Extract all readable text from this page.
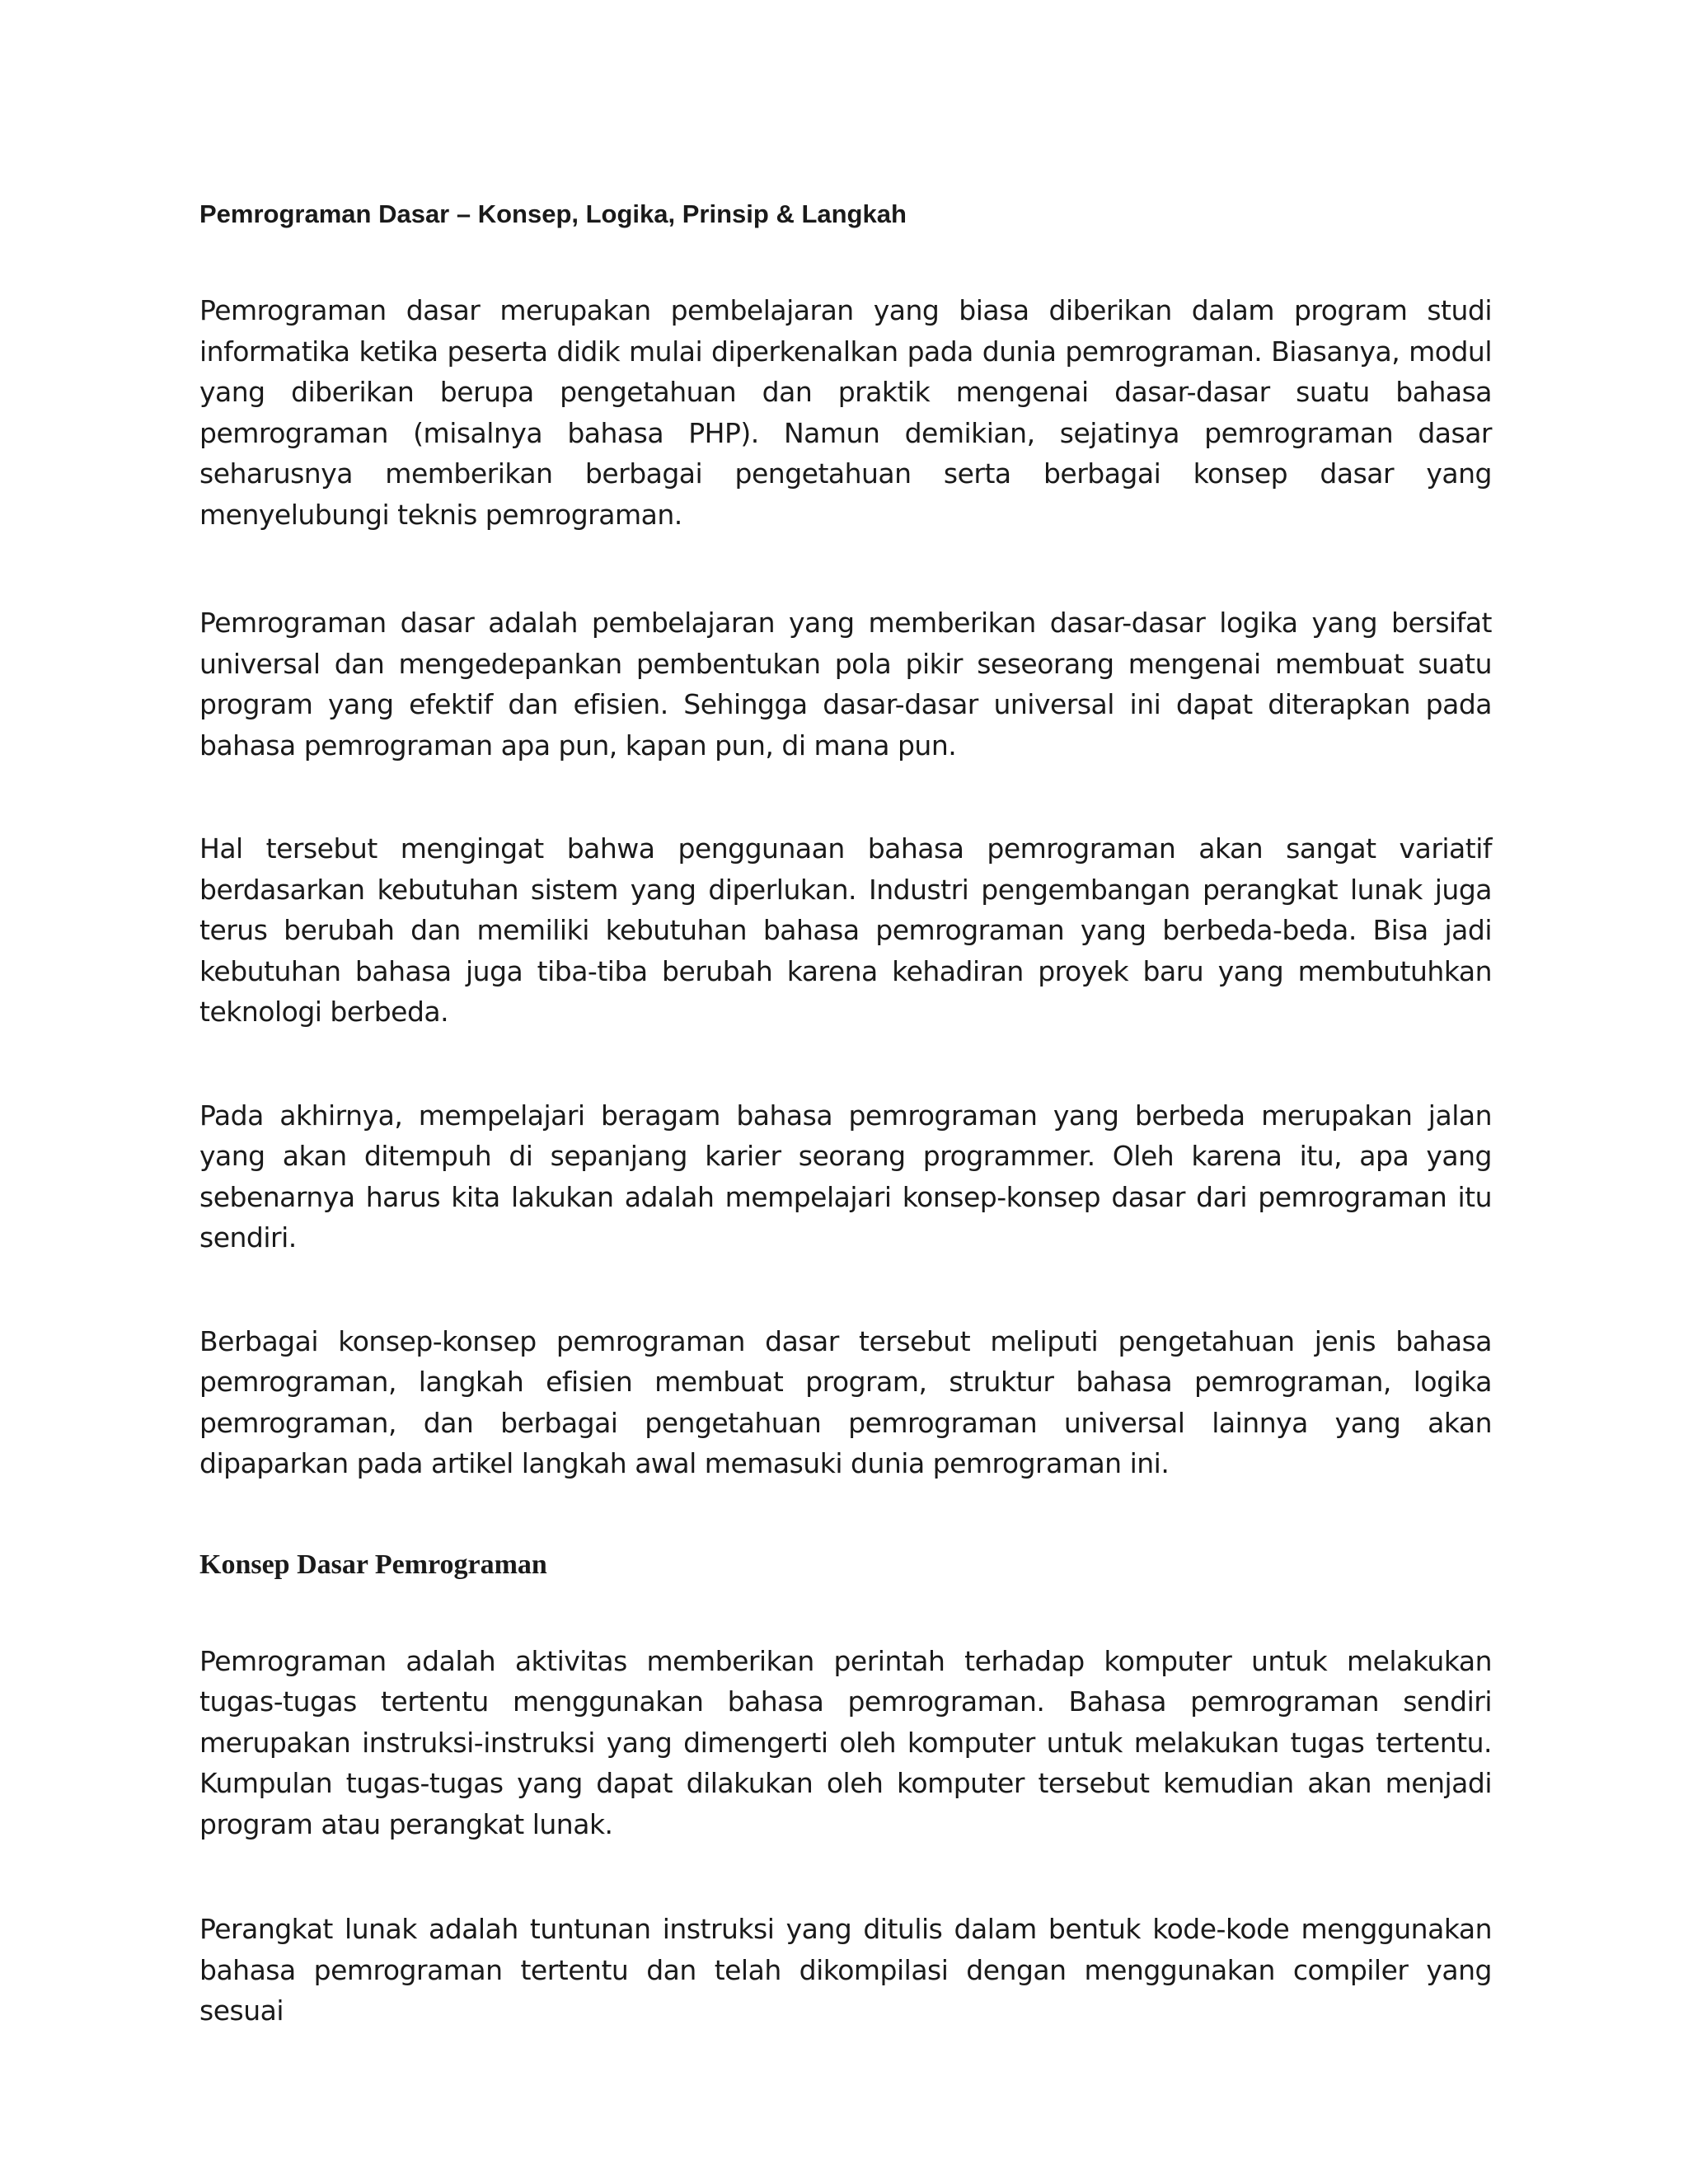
Pemrograman Dasar – Konsep, Logika, Prinsip & Langkah

Pemrograman dasar merupakan pembelajaran yang biasa diberikan dalam program studi informatika ketika peserta didik mulai diperkenalkan pada dunia pemrograman. Biasanya, modul yang diberikan berupa pengetahuan dan praktik mengenai dasar-dasar suatu bahasa pemrograman (misalnya bahasa PHP). Namun demikian, sejatinya pemrograman dasar seharusnya memberikan berbagai pengetahuan serta berbagai konsep dasar yang menyelubungi teknis pemrograman.

Pemrograman dasar adalah pembelajaran yang memberikan dasar-dasar logika yang bersifat universal dan mengedepankan pembentukan pola pikir seseorang mengenai membuat suatu program yang efektif dan efisien. Sehingga dasar-dasar universal ini dapat diterapkan pada bahasa pemrograman apa pun, kapan pun, di mana pun.

Hal tersebut mengingat bahwa penggunaan bahasa pemrograman akan sangat variatif berdasarkan kebutuhan sistem yang diperlukan. Industri pengembangan perangkat lunak juga terus berubah dan memiliki kebutuhan bahasa pemrograman yang berbeda-beda. Bisa jadi kebutuhan bahasa juga tiba-tiba berubah karena kehadiran proyek baru yang membutuhkan teknologi berbeda.

Pada akhirnya, mempelajari beragam bahasa pemrograman yang berbeda merupakan jalan yang akan ditempuh di sepanjang karier seorang programmer. Oleh karena itu, apa yang sebenarnya harus kita lakukan adalah mempelajari konsep-konsep dasar dari pemrograman itu sendiri.

Berbagai konsep-konsep pemrograman dasar tersebut meliputi pengetahuan jenis bahasa pemrograman, langkah efisien membuat program, struktur bahasa pemrograman, logika pemrograman, dan berbagai pengetahuan pemrograman universal lainnya yang akan dipaparkan pada artikel langkah awal memasuki dunia pemrograman ini.

Konsep Dasar Pemrograman

Pemrograman adalah aktivitas memberikan perintah terhadap komputer untuk melakukan tugas-tugas tertentu menggunakan bahasa pemrograman. Bahasa pemrograman sendiri merupakan instruksi-instruksi yang dimengerti oleh komputer untuk melakukan tugas tertentu. Kumpulan tugas-tugas yang dapat dilakukan oleh komputer tersebut kemudian akan menjadi program atau perangkat lunak.

Perangkat lunak adalah tuntunan instruksi yang ditulis dalam bentuk kode-kode menggunakan bahasa pemrograman tertentu dan telah dikompilasi dengan menggunakan compiler yang sesuai
